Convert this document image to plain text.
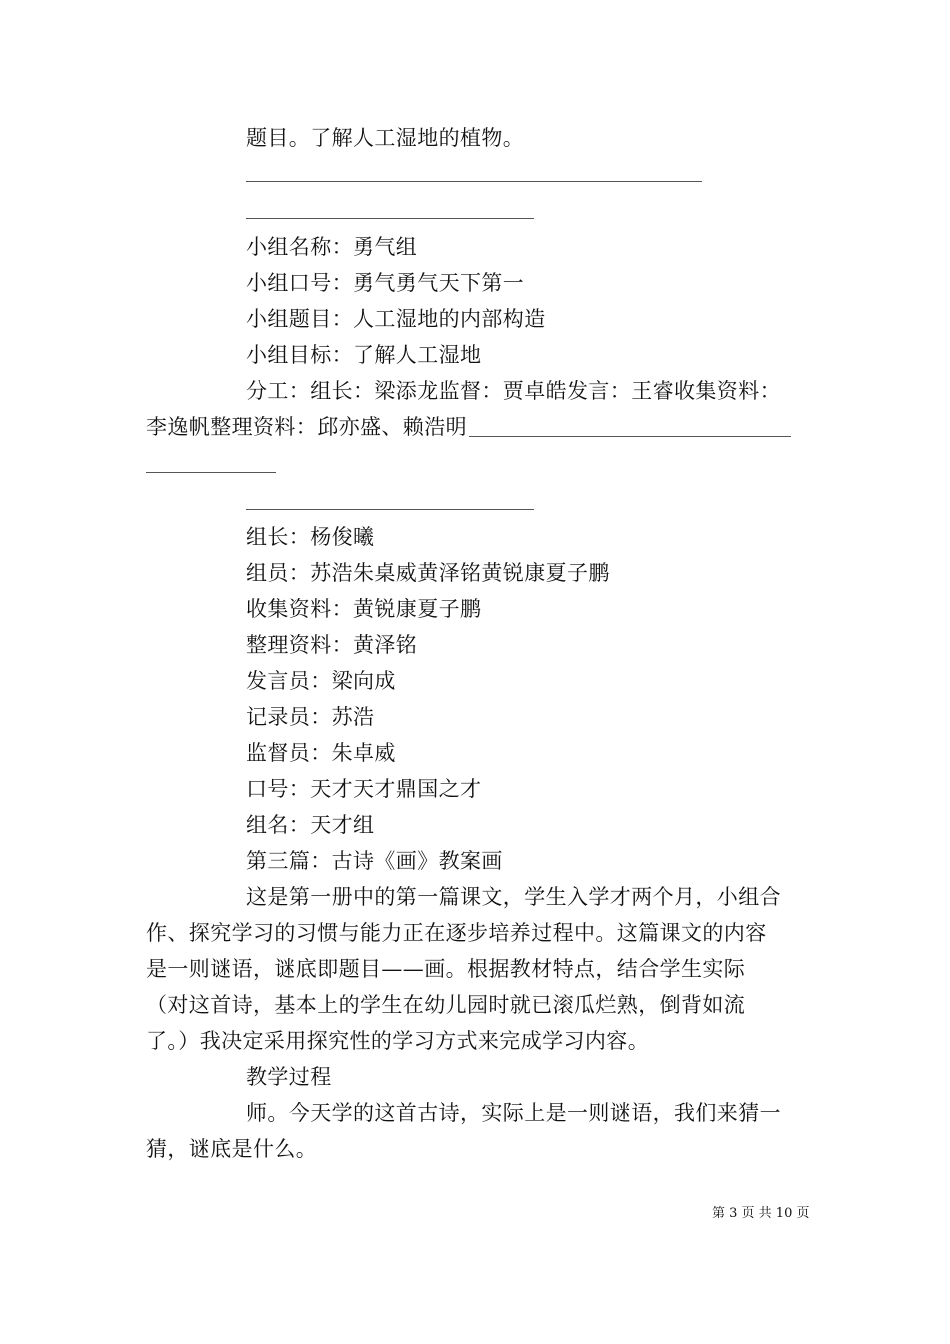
题目。了解人工湿地的植物。
小组名称：勇气组
小组口号：勇气勇气天下第一
小组题目：人工湿地的内部构造
小组目标：了解人工湿地
分工：组长：梁添龙监督：贾卓皓发言：王睿收集资料：
李逸帆整理资料：邱亦盛、赖浩明
组长：杨俊曦
组员：苏浩朱桌威黄泽铭黄锐康夏子鹏
收集资料：黄锐康夏子鹏
整理资料：黄泽铭
发言员：梁向成
记录员：苏浩
监督员：朱卓威
口号：天才天才鼎国之才
组名：天才组
第三篇：古诗《画》教案画
这是第一册中的第一篇课文，学生入学才两个月，小组合
作、探究学习的习惯与能力正在逐步培养过程中。这篇课文的内容
是一则谜语，谜底即题目——画。根据教材特点，结合学生实际
（对这首诗，基本上的学生在幼儿园时就已滚瓜烂熟，倒背如流
了。）我决定采用探究性的学习方式来完成学习内容。
教学过程
师。今天学的这首古诗，实际上是一则谜语，我们来猜一
猜，谜底是什么。
第 3 页 共 10 页
